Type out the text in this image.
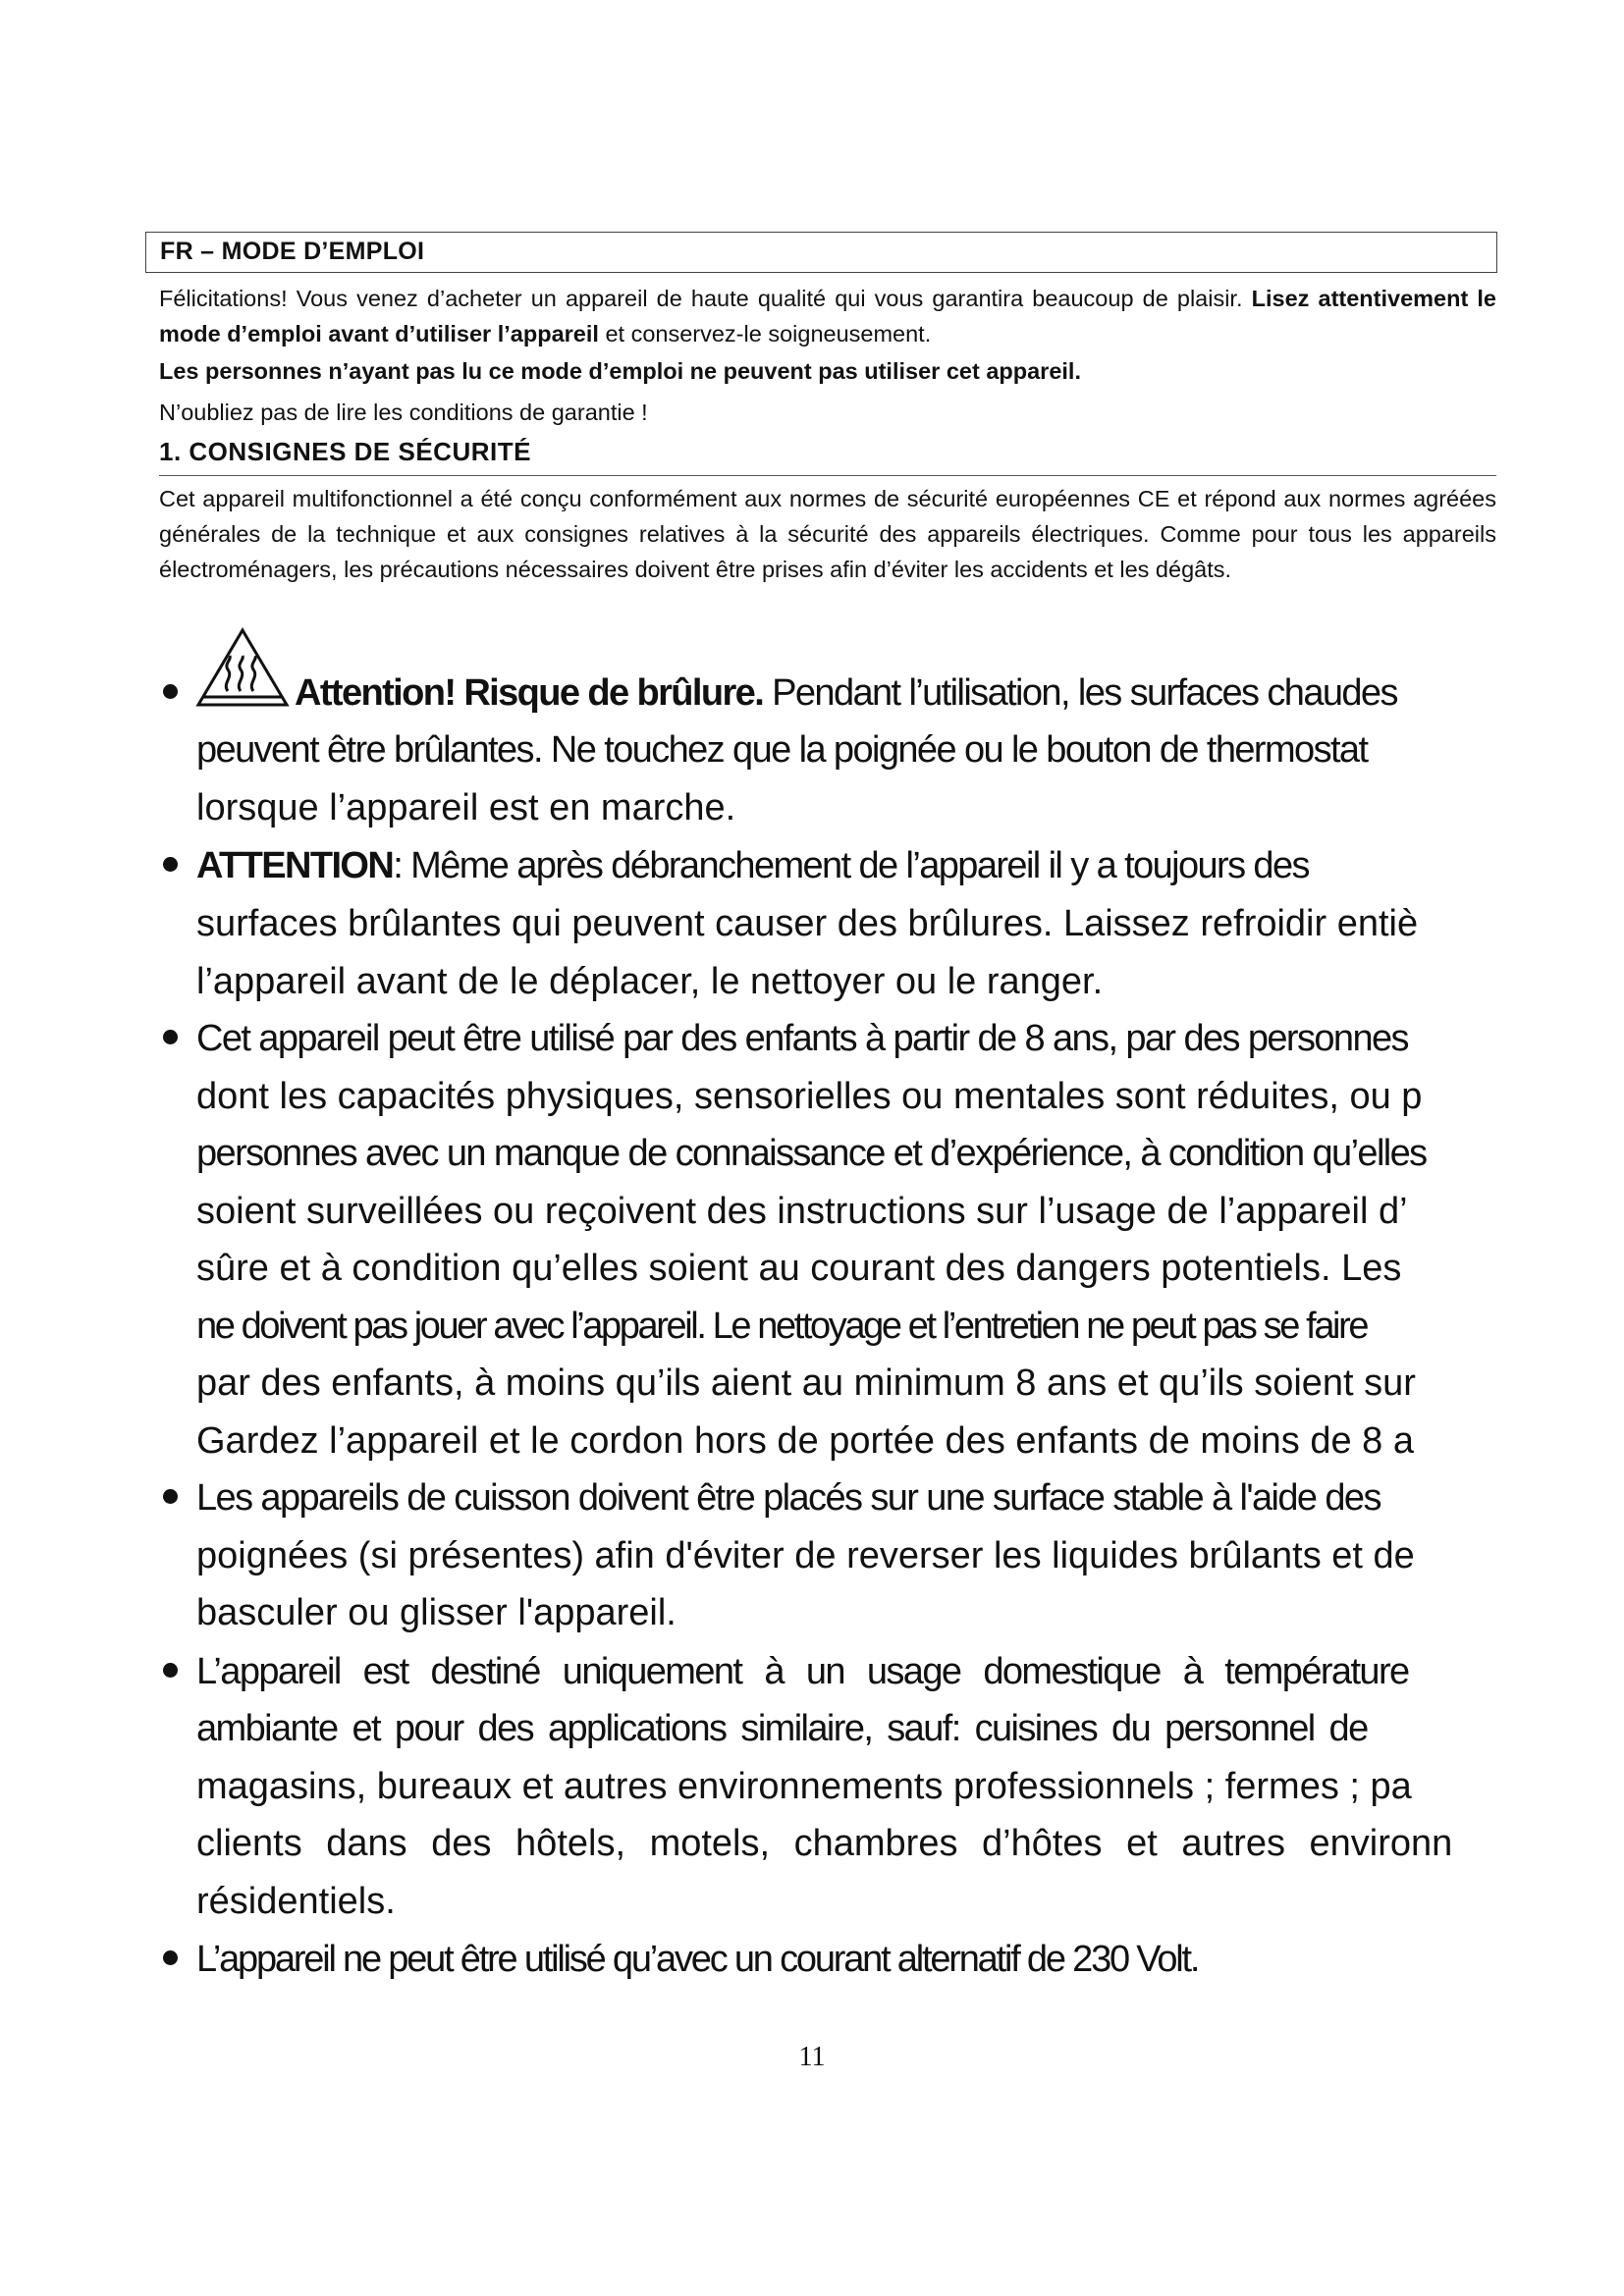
FR – MODE D’EMPLOI
Félicitations! Vous venez d’acheter un appareil de haute qualité qui vous garantira beaucoup de plaisir. Lisez attentivement le mode d’emploi avant d’utiliser l’appareil et conservez-le soigneusement.
Les personnes n’ayant pas lu ce mode d’emploi ne peuvent pas utiliser cet appareil.
N’oubliez pas de lire les conditions de garantie !
1. CONSIGNES DE SÉCURITÉ
Cet appareil multifonctionnel a été conçu conformément aux normes de sécurité européennes CE et répond aux normes agréées générales de la technique et aux consignes relatives à la sécurité des appareils électriques. Comme pour tous les appareils électroménagers, les précautions nécessaires doivent être prises afin d’éviter les accidents et les dégâts.
Attention! Risque de brûlure. Pendant l’utilisation, les surfaces chaudes
peuvent être brûlantes. Ne touchez que la poignée ou le bouton de thermostat
lorsque l’appareil est en marche.
ATTENTION: Même après débranchement de l’appareil il y a toujours des
surfaces brûlantes qui peuvent causer des brûlures. Laissez refroidir entiè
l’appareil avant de le déplacer, le nettoyer ou le ranger.
Cet appareil peut être utilisé par des enfants à partir de 8 ans, par des personnes
dont les capacités physiques, sensorielles ou mentales sont réduites, ou p
personnes avec un manque de connaissance et d’expérience, à condition qu’elles
soient surveillées ou reçoivent des instructions sur l’usage de l’appareil d’
sûre et à condition qu’elles soient au courant des dangers potentiels. Les
ne doivent pas jouer avec l’appareil. Le nettoyage et l’entretien ne peut pas se faire
par des enfants, à moins qu’ils aient au minimum 8 ans et qu’ils soient sur
Gardez l’appareil et le cordon hors de portée des enfants de moins de 8 a
Les appareils de cuisson doivent être placés sur une surface stable à l'aide des
poignées (si présentes) afin d'éviter de reverser les liquides brûlants et de
basculer ou glisser l'appareil.
L’appareil est destiné uniquement à un usage domestique à température
ambiante et pour des applications similaire, sauf: cuisines du personnel de
magasins, bureaux et autres environnements professionnels ; fermes ; pa
clients dans des hôtels, motels, chambres d’hôtes et autres environn
résidentiels.
L’appareil ne peut être utilisé qu’avec un courant alternatif de 230 Volt.
11
